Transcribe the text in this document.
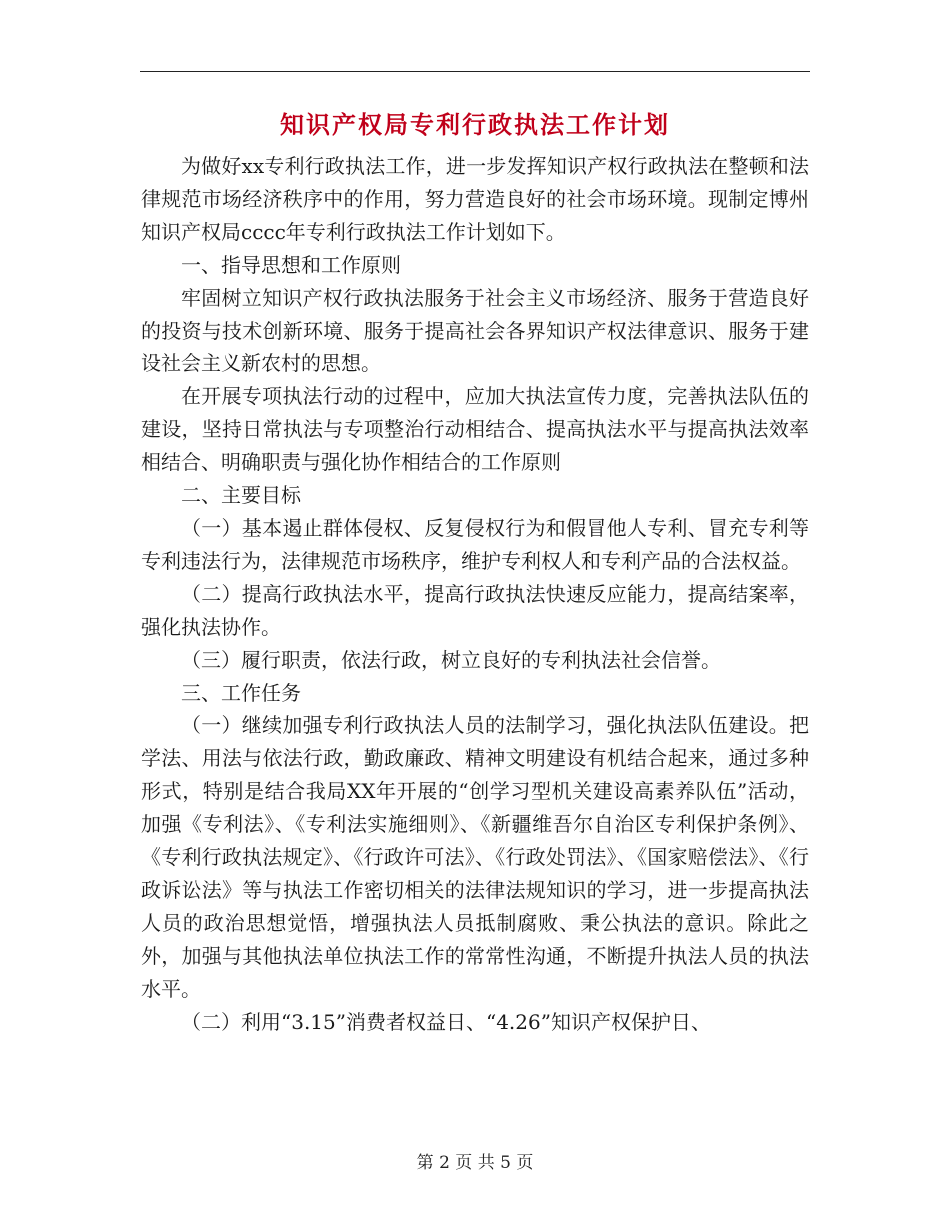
知识产权局专利行政执法工作计划

为做好xx专利行政执法工作，进一步发挥知识产权行政执法在整顿和法律规范市场经济秩序中的作用，努力营造良好的社会市场环境。现制定博州知识产权局cccc年专利行政执法工作计划如下。

一、指导思想和工作原则

牢固树立知识产权行政执法服务于社会主义市场经济、服务于营造良好的投资与技术创新环境、服务于提高社会各界知识产权法律意识、服务于建设社会主义新农村的思想。

在开展专项执法行动的过程中，应加大执法宣传力度，完善执法队伍的建设，坚持日常执法与专项整治行动相结合、提高执法水平与提高执法效率相结合、明确职责与强化协作相结合的工作原则

二、主要目标

（一）基本遏止群体侵权、反复侵权行为和假冒他人专利、冒充专利等专利违法行为，法律规范市场秩序，维护专利权人和专利产品的合法权益。

（二）提高行政执法水平，提高行政执法快速反应能力，提高结案率，强化执法协作。

（三）履行职责，依法行政，树立良好的专利执法社会信誉。

三、工作任务

（一）继续加强专利行政执法人员的法制学习，强化执法队伍建设。把学法、用法与依法行政，勤政廉政、精神文明建设有机结合起来，通过多种形式，特别是结合我局XX年开展的“创学习型机关建设高素养队伍”活动，加强《专利法》、《专利法实施细则》、《新疆维吾尔自治区专利保护条例》、《专利行政执法规定》、《行政许可法》、《行政处罚法》、《国家赔偿法》、《行政诉讼法》等与执法工作密切相关的法律法规知识的学习，进一步提高执法人员的政治思想觉悟，增强执法人员抵制腐败、秉公执法的意识。除此之外，加强与其他执法单位执法工作的常常性沟通，不断提升执法人员的执法水平。

（二）利用“3.15”消费者权益日、“4.26”知识产权保护日、

第 2 页 共 5 页
